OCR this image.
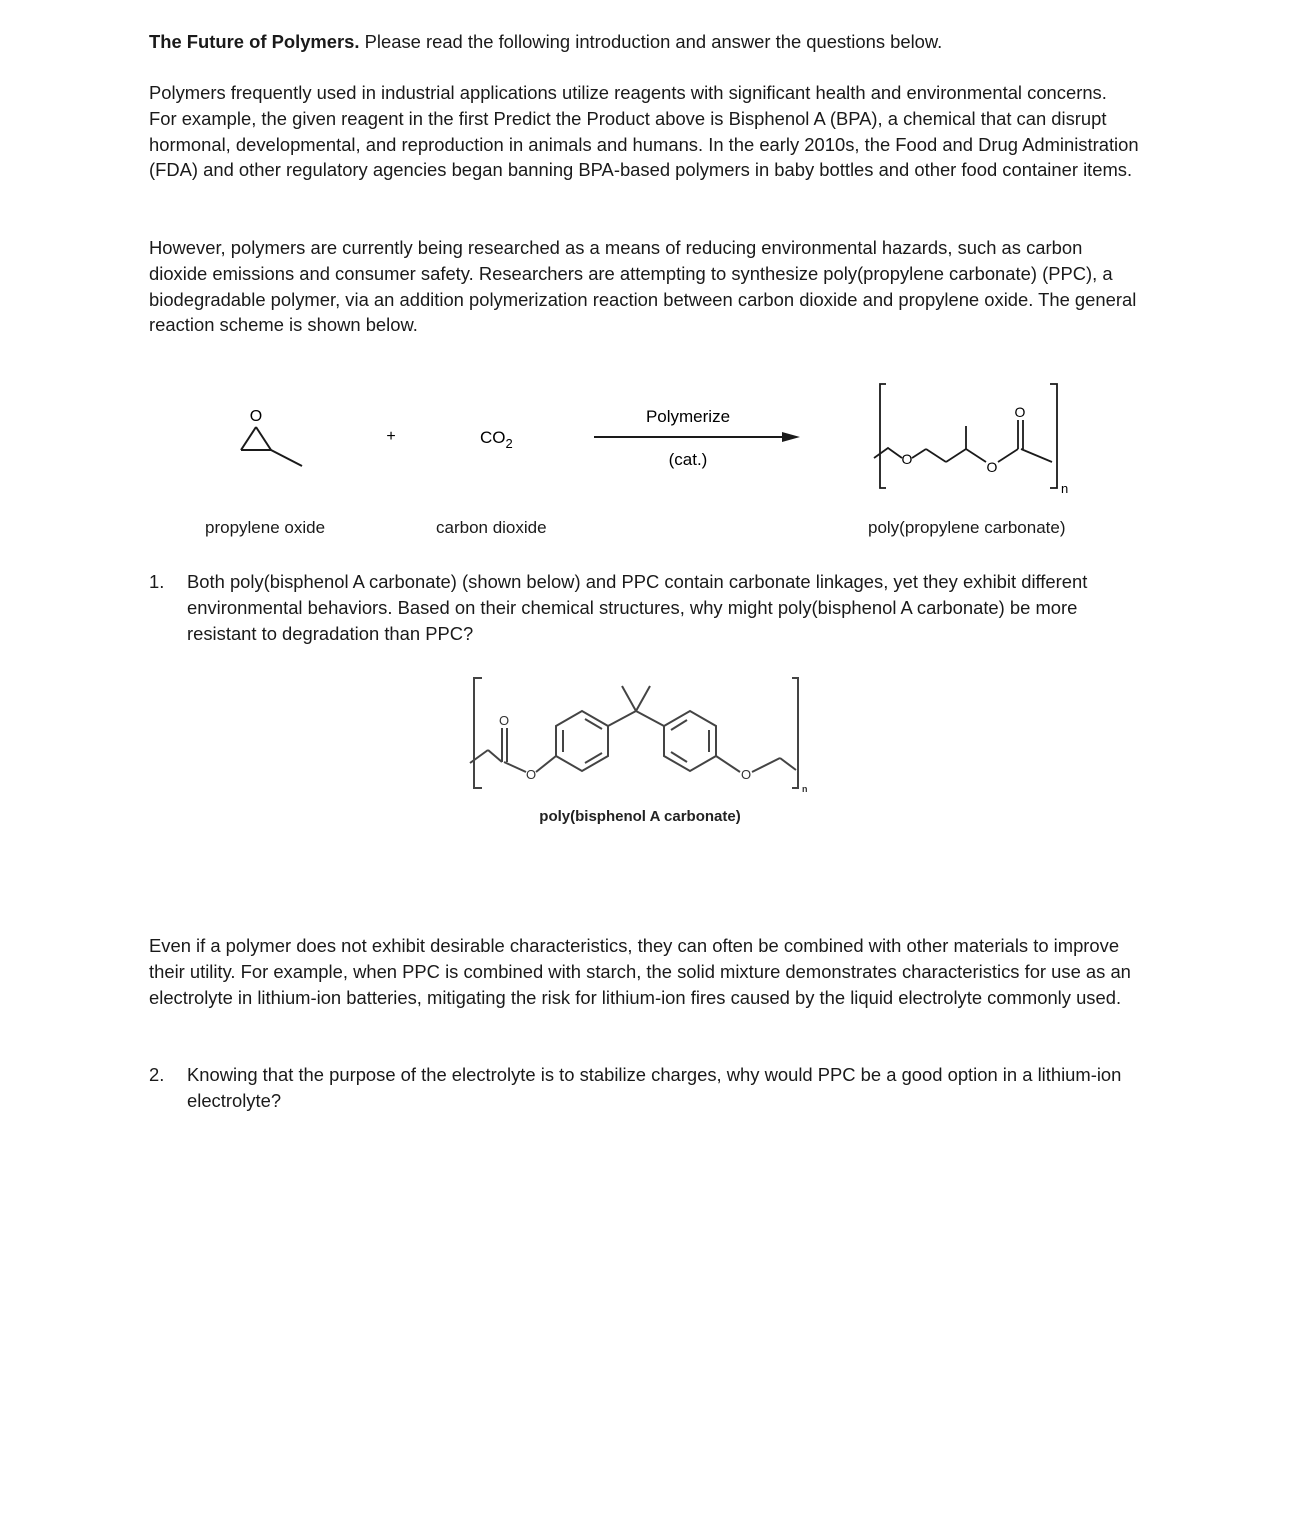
The Future of Polymers. Please read the following introduction and answer the questions below.

Polymers frequently used in industrial applications utilize reagents with significant health and environmental concerns. For example, the given reagent in the first Predict the Product above is Bisphenol A (BPA), a chemical that can disrupt hormonal, developmental, and reproduction in animals and humans. In the early 2010s, the Food and Drug Administration (FDA) and other regulatory agencies began banning BPA-based polymers in baby bottles and other food container items.

However, polymers are currently being researched as a means of reducing environmental hazards, such as carbon dioxide emissions and consumer safety. Researchers are attempting to synthesize poly(propylene carbonate) (PPC), a biodegradable polymer, via an addition polymerization reaction between carbon dioxide and propylene oxide. The general reaction scheme is shown below.

O
+	$CO_2$
Polymerize
(cat.)	O	O
O
n
propylene oxide	carbon dioxide	poly(propylene carbonate)
1.	Both poly(bisphenol A carbonate) (shown below) and PPC contain carbonate linkages, yet they exhibit different environmental behaviors. Based on their chemical structures, why might poly(bisphenol A carbonate) be more resistant to degradation than PPC?
O
O	O
n
poly(bisphenol A carbonate)

Even if a polymer does not exhibit desirable characteristics, they can often be combined with other materials to improve their utility. For example, when PPC is combined with starch, the solid mixture demonstrates characteristics for use as an electrolyte in lithium-ion batteries, mitigating the risk for lithium-ion fires caused by the liquid electrolyte commonly used.

2.	Knowing that the purpose of the electrolyte is to stabilize charges, why would PPC be a good option in a lithium-ion electrolyte?
